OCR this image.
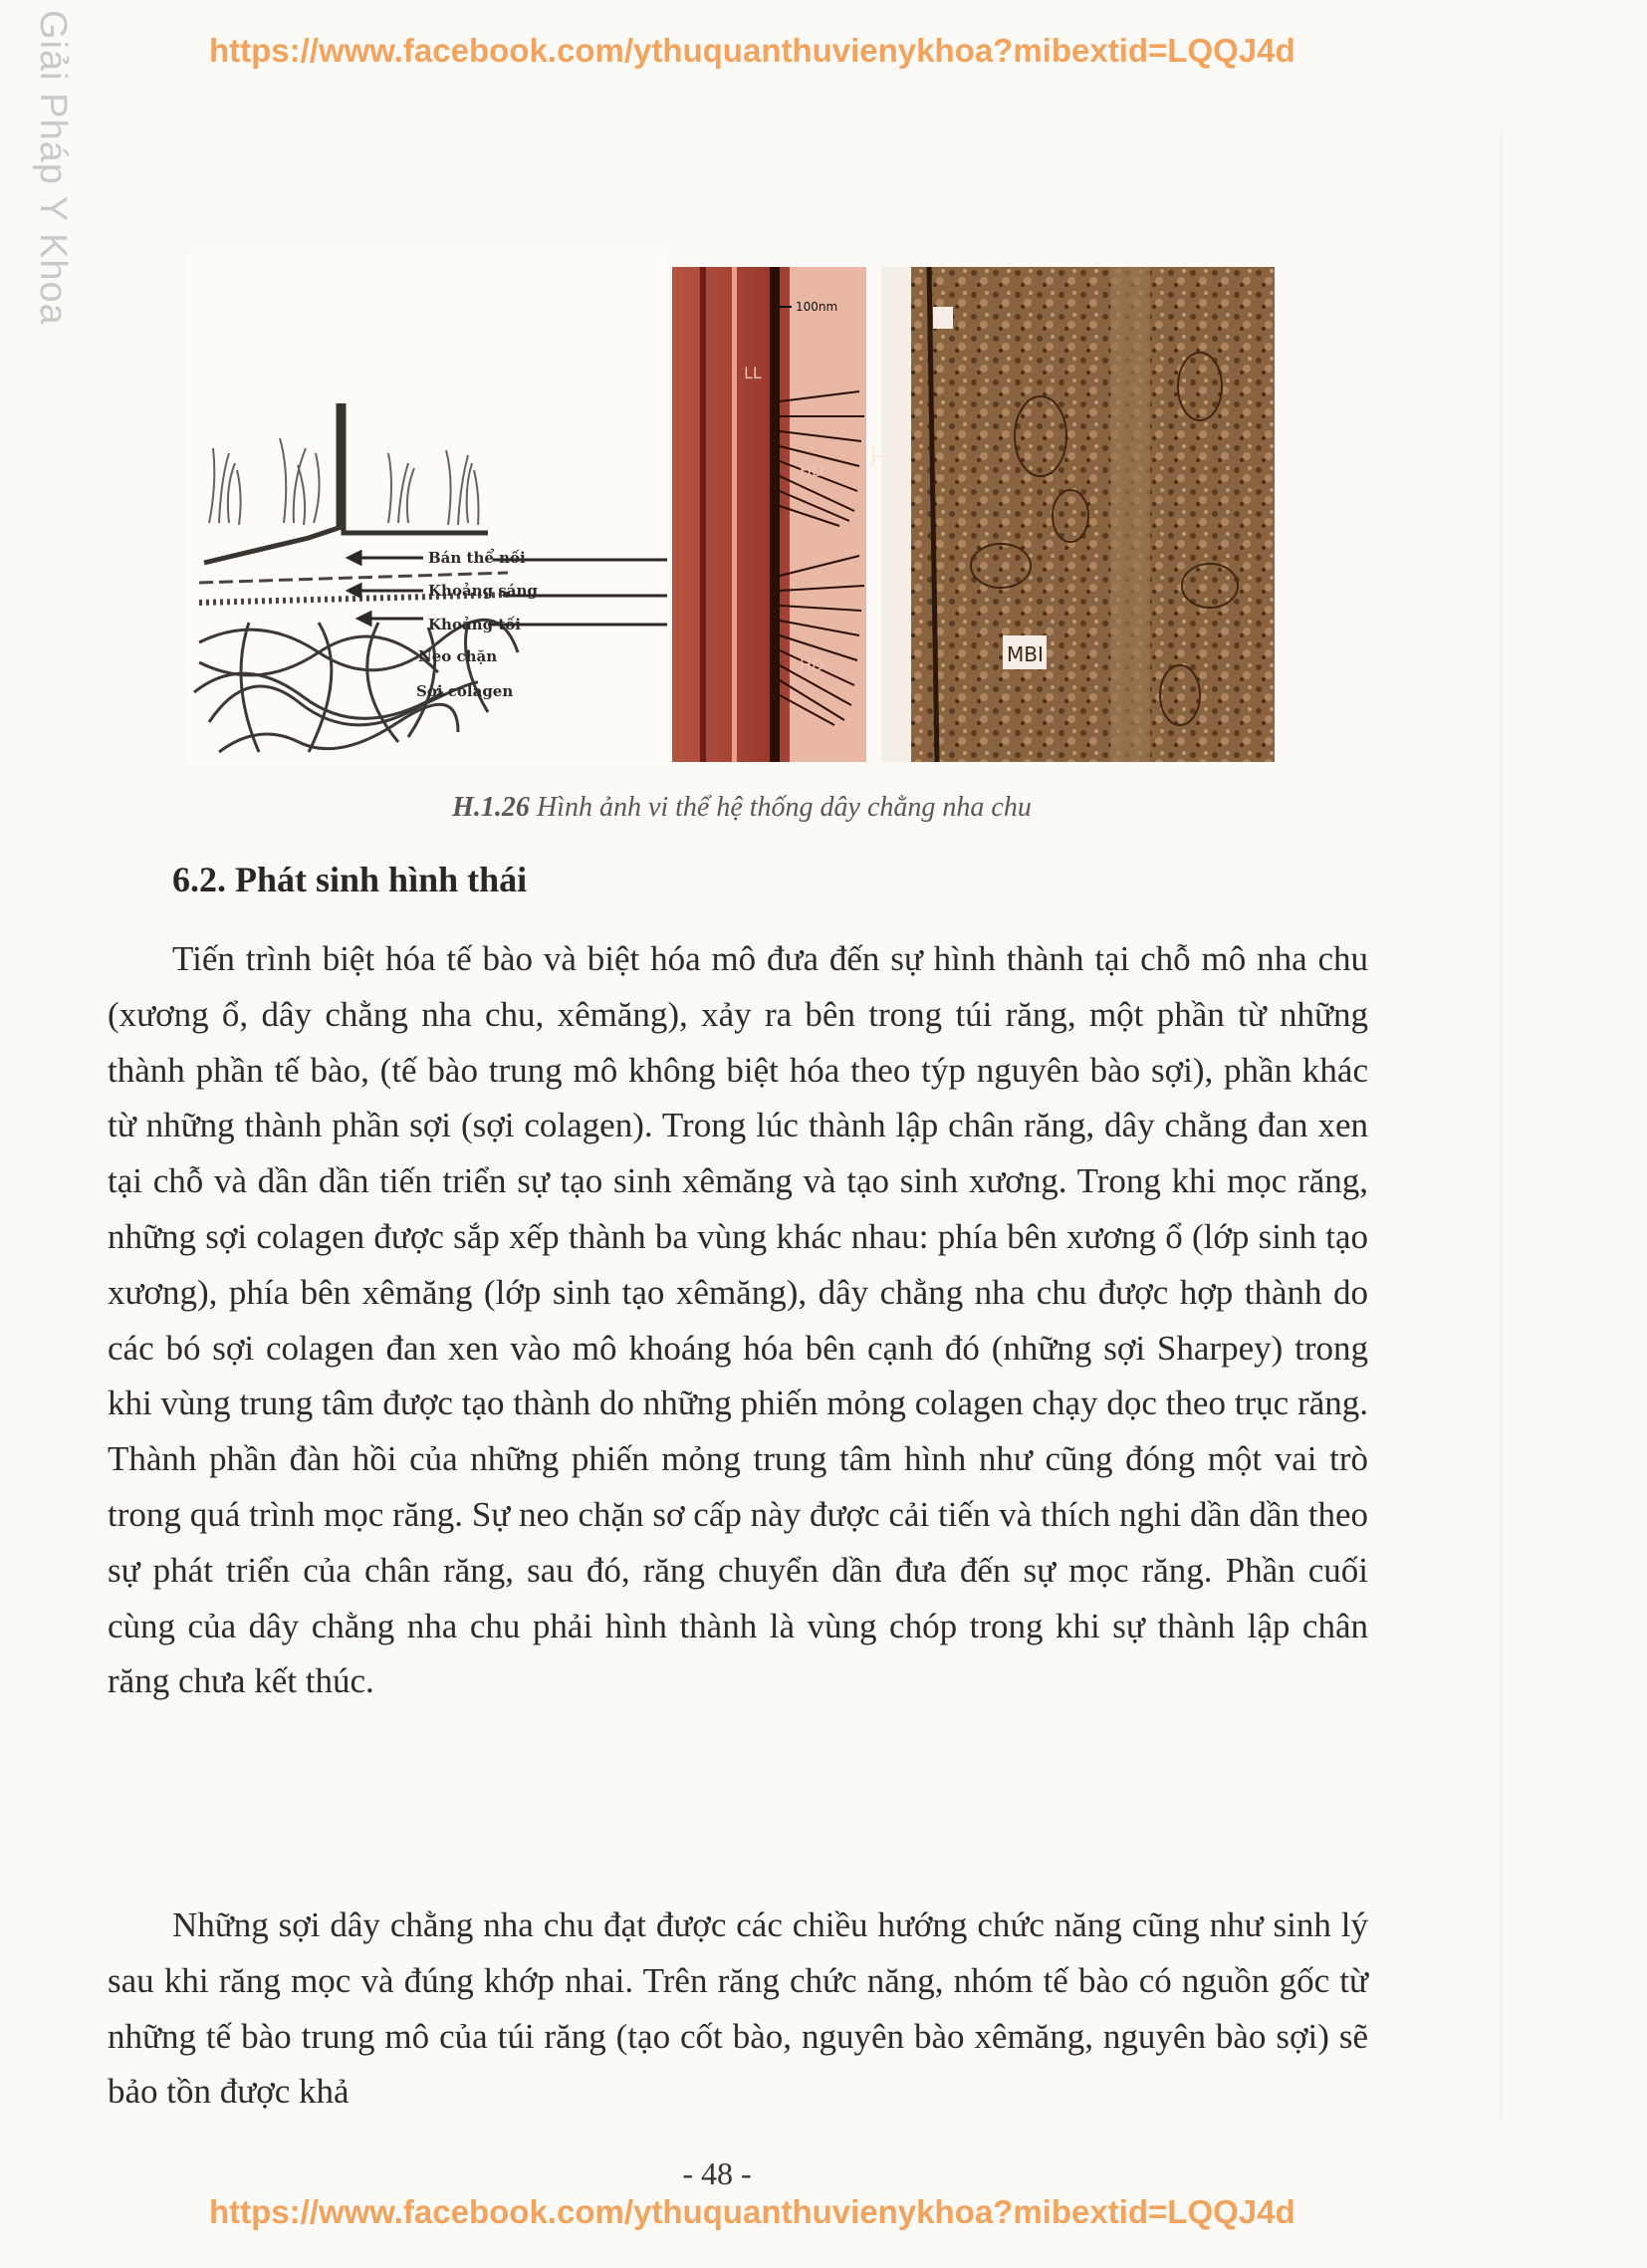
Giải Pháp Y Khoa	https://www.facebook.com/ythuquanthuvienykhoa?mibextid=LQQJ4d
Bán thể nối
Khoảng sáng
Khoảng tối
Neo chặn
Sợi colagen
100nm
LL
HD
HD
HD
MBI
H.1.26 Hình ảnh vi thể hệ thống dây chằng nha chu
6.2. Phát sinh hình thái

Tiến trình biệt hóa tế bào và biệt hóa mô đưa đến sự hình thành tại chỗ mô nha chu (xương ổ, dây chằng nha chu, xêmăng), xảy ra bên trong túi răng, một phần từ những thành phần tế bào, (tế bào trung mô không biệt hóa theo týp nguyên bào sợi), phần khác từ những thành phần sợi (sợi colagen). Trong lúc thành lập chân răng, dây chằng đan xen tại chỗ và dần dần tiến triển sự tạo sinh xêmăng và tạo sinh xương. Trong khi mọc răng, những sợi colagen được sắp xếp thành ba vùng khác nhau: phía bên xương ổ (lớp sinh tạo xương), phía bên xêmăng (lớp sinh tạo xêmăng), dây chằng nha chu được hợp thành do các bó sợi colagen đan xen vào mô khoáng hóa bên cạnh đó (những sợi Sharpey) trong khi vùng trung tâm được tạo thành do những phiến mỏng colagen chạy dọc theo trục răng. Thành phần đàn hồi của những phiến mỏng trung tâm hình như cũng đóng một vai trò trong quá trình mọc răng. Sự neo chặn sơ cấp này được cải tiến và thích nghi dần dần theo sự phát triển của chân răng, sau đó, răng chuyển dần đưa đến sự mọc răng. Phần cuối cùng của dây chằng nha chu phải hình thành là vùng chóp trong khi sự thành lập chân răng chưa kết thúc.

Những sợi dây chằng nha chu đạt được các chiều hướng chức năng cũng như sinh lý sau khi răng mọc và đúng khớp nhai. Trên răng chức năng, nhóm tế bào có nguồn gốc từ những tế bào trung mô của túi răng (tạo cốt bào, nguyên bào xêmăng, nguyên bào sợi) sẽ bảo tồn được khả

- 48 -
https://www.facebook.com/ythuquanthuvienykhoa?mibextid=LQQJ4d
